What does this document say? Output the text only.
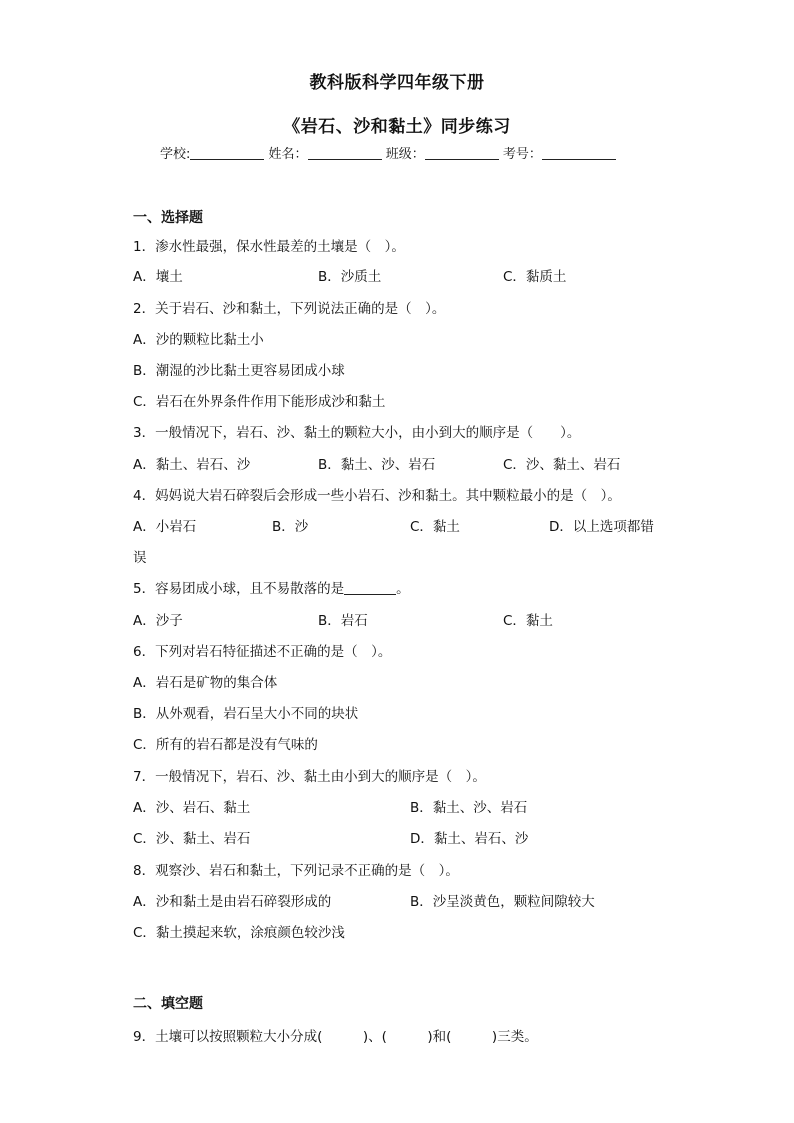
教科版科学四年级下册
《岩石、沙和黏土》同步练习
学校:	姓名：	班级：	考号：
一、选择题
1．渗水性最强，保水性最差的土壤是（　）。
A．壤土	B．沙质土	C．黏质土
2．关于岩石、沙和黏土，下列说法正确的是（　）。
A．沙的颗粒比黏土小
B．潮湿的沙比黏土更容易团成小球
C．岩石在外界条件作用下能形成沙和黏土
3．一般情况下，岩石、沙、黏土的颗粒大小，由小到大的顺序是（　　）。
A．黏土、岩石、沙	B．黏土、沙、岩石	C．沙、黏土、岩石
4．妈妈说大岩石碎裂后会形成一些小岩石、沙和黏土。其中颗粒最小的是（　）。
A．小岩石	B．沙	C．黏土	D．以上选项都错
误
5．容易团成小球，且不易散落的是	。
A．沙子	B．岩石	C．黏土
6．下列对岩石特征描述不正确的是（　）。
A．岩石是矿物的集合体
B．从外观看，岩石呈大小不同的块状
C．所有的岩石都是没有气味的
7．一般情况下，岩石、沙、黏土由小到大的顺序是（　）。
A．沙、岩石、黏土	B．黏土、沙、岩石
C．沙、黏土、岩石	D．黏土、岩石、沙
8．观察沙、岩石和黏土，下列记录不正确的是（　）。
A．沙和黏土是由岩石碎裂形成的	B．沙呈淡黄色，颗粒间隙较大
C．黏土摸起来软，涂痕颜色较沙浅
二、填空题
9．土壤可以按照颗粒大小分成(　　　)、(　　　)和(　　　)三类。
